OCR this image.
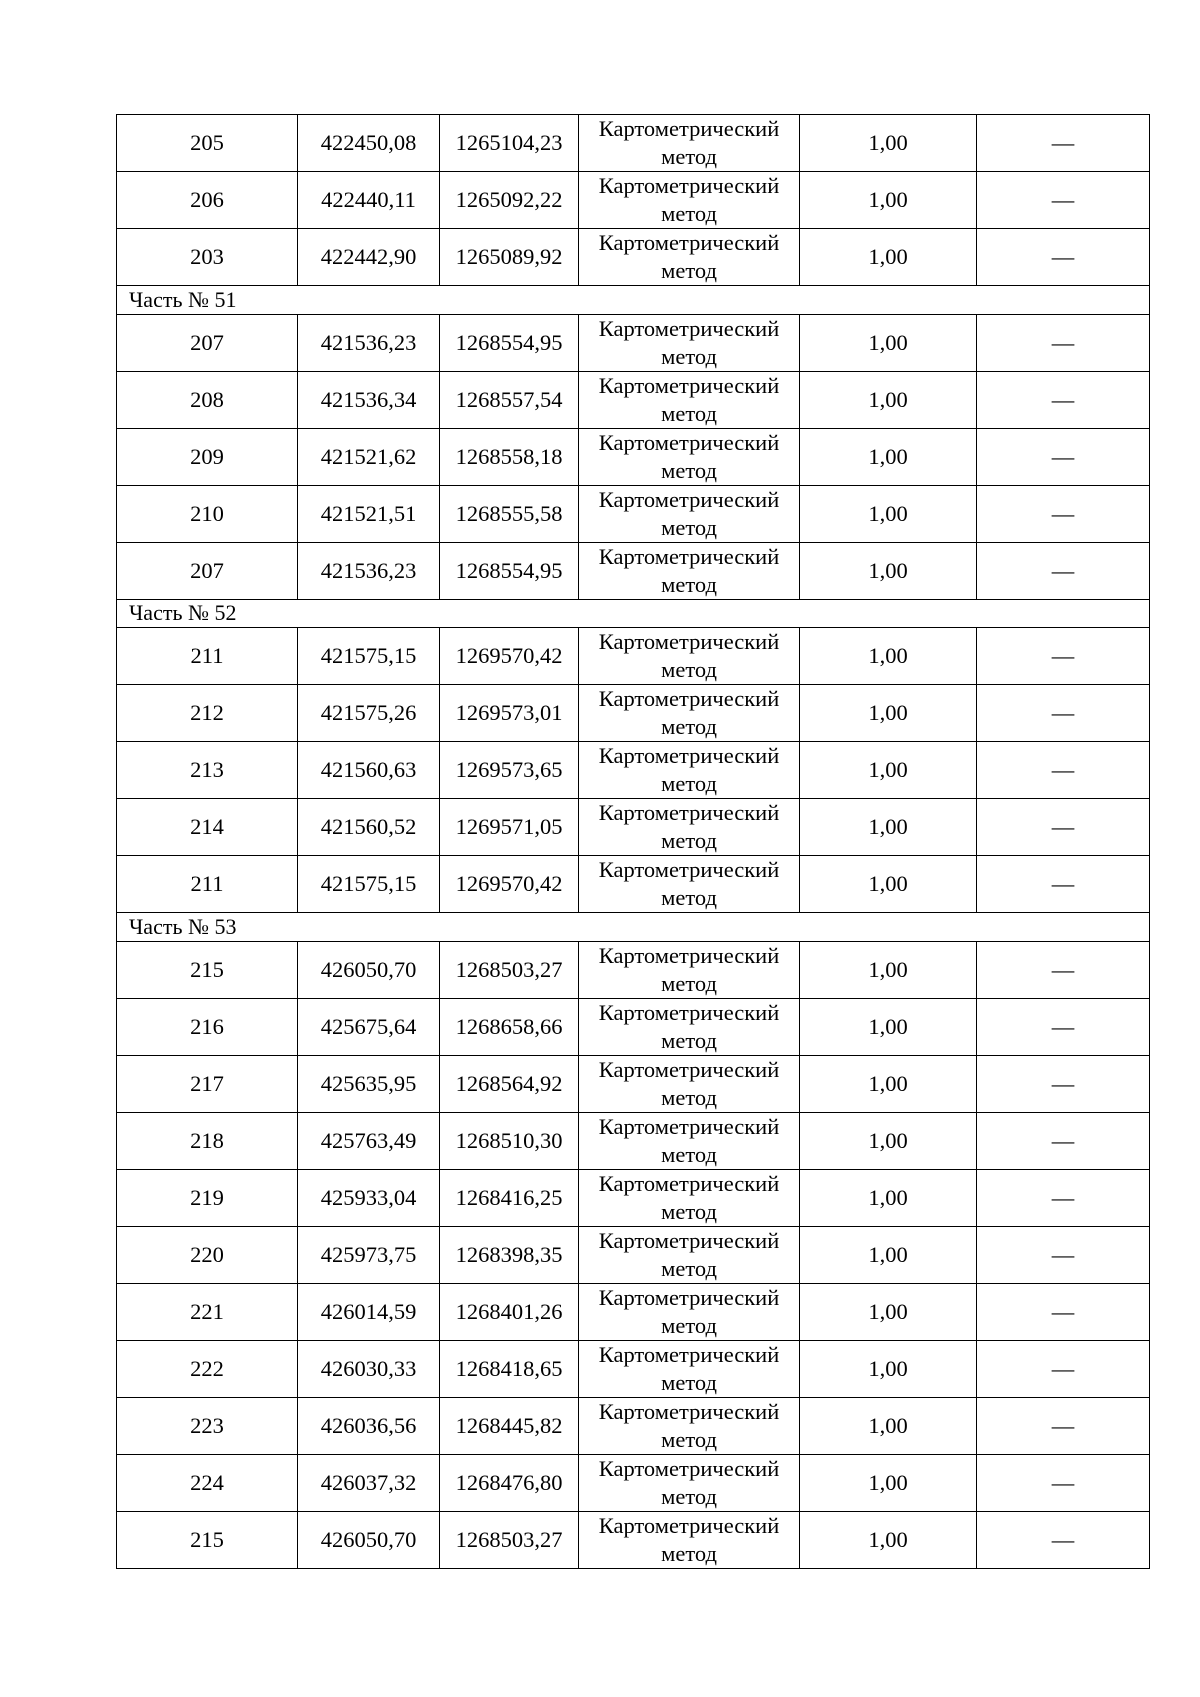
205	422450,08	1265104,23	Картометрический метод	1,00	—
206	422440,11	1265092,22	Картометрический метод	1,00	—
203	422442,90	1265089,92	Картометрический метод	1,00	—
Часть № 51					
207	421536,23	1268554,95	Картометрический метод	1,00	—
208	421536,34	1268557,54	Картометрический метод	1,00	—
209	421521,62	1268558,18	Картометрический метод	1,00	—
210	421521,51	1268555,58	Картометрический метод	1,00	—
207	421536,23	1268554,95	Картометрический метод	1,00	—
Часть № 52					
211	421575,15	1269570,42	Картометрический метод	1,00	—
212	421575,26	1269573,01	Картометрический метод	1,00	—
213	421560,63	1269573,65	Картометрический метод	1,00	—
214	421560,52	1269571,05	Картометрический метод	1,00	—
211	421575,15	1269570,42	Картометрический метод	1,00	—
Часть № 53					
215	426050,70	1268503,27	Картометрический метод	1,00	—
216	425675,64	1268658,66	Картометрический метод	1,00	—
217	425635,95	1268564,92	Картометрический метод	1,00	—
218	425763,49	1268510,30	Картометрический метод	1,00	—
219	425933,04	1268416,25	Картометрический метод	1,00	—
220	425973,75	1268398,35	Картометрический метод	1,00	—
221	426014,59	1268401,26	Картометрический метод	1,00	—
222	426030,33	1268418,65	Картометрический метод	1,00	—
223	426036,56	1268445,82	Картометрический метод	1,00	—
224	426037,32	1268476,80	Картометрический метод	1,00	—
215	426050,70	1268503,27	Картометрический метод	1,00	—
